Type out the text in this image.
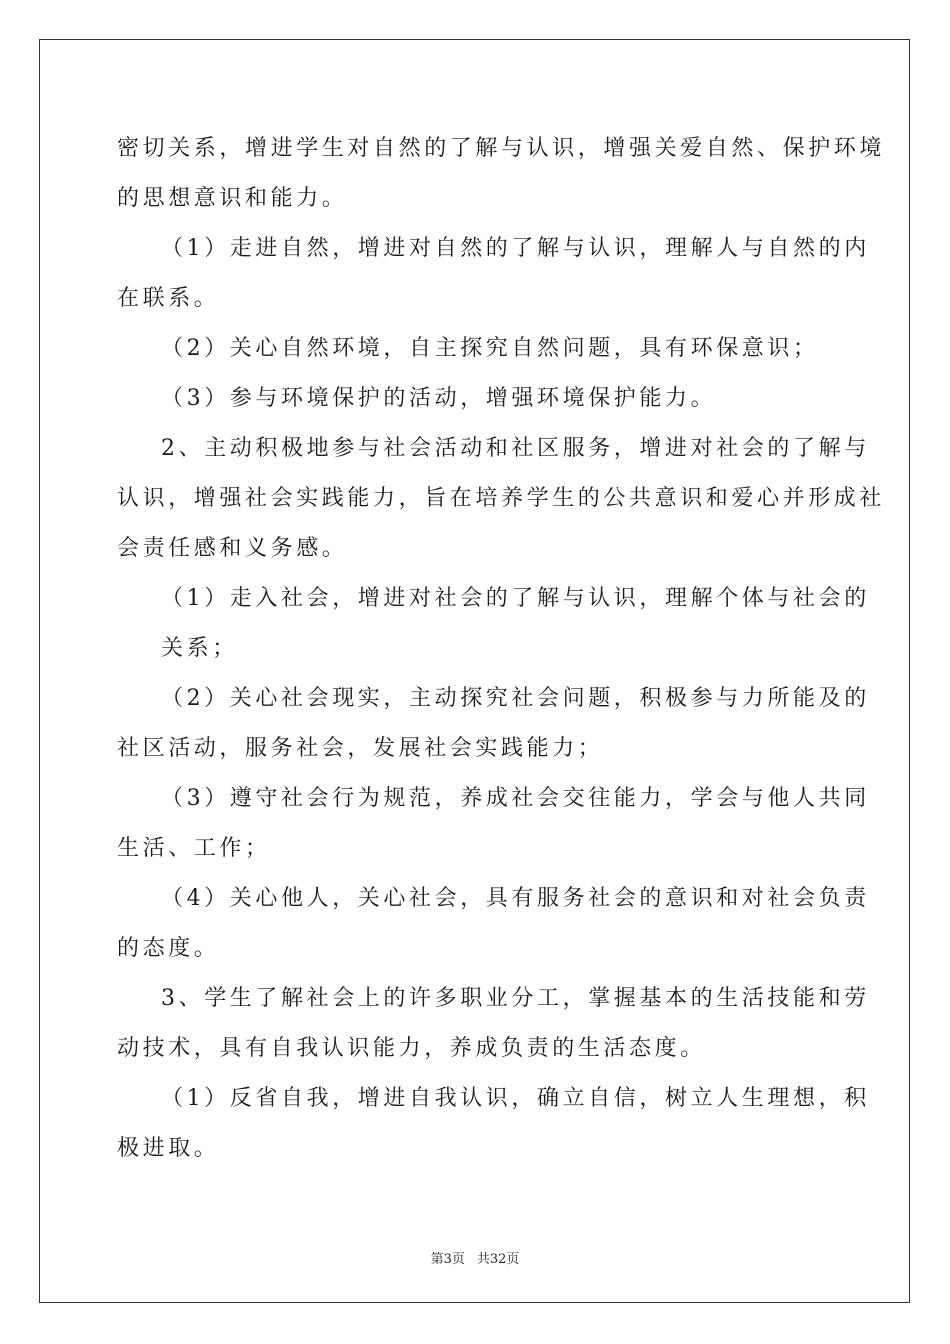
密切关系，增进学生对自然的了解与认识，增强关爱自然、保护环境
的思想意识和能力。
（1）走进自然，增进对自然的了解与认识，理解人与自然的内
在联系。
（2）关心自然环境，自主探究自然问题，具有环保意识；
（3）参与环境保护的活动，增强环境保护能力。
2、主动积极地参与社会活动和社区服务，增进对社会的了解与
认识，增强社会实践能力，旨在培养学生的公共意识和爱心并形成社
会责任感和义务感。
（1）走入社会，增进对社会的了解与认识，理解个体与社会的
关系；
（2）关心社会现实，主动探究社会问题，积极参与力所能及的
社区活动，服务社会，发展社会实践能力；
（3）遵守社会行为规范，养成社会交往能力，学会与他人共同
生活、工作；
（4）关心他人，关心社会，具有服务社会的意识和对社会负责
的态度。
3、学生了解社会上的许多职业分工，掌握基本的生活技能和劳
动技术，具有自我认识能力，养成负责的生活态度。
（1）反省自我，增进自我认识，确立自信，树立人生理想，积
极进取。
第3页 共32页
